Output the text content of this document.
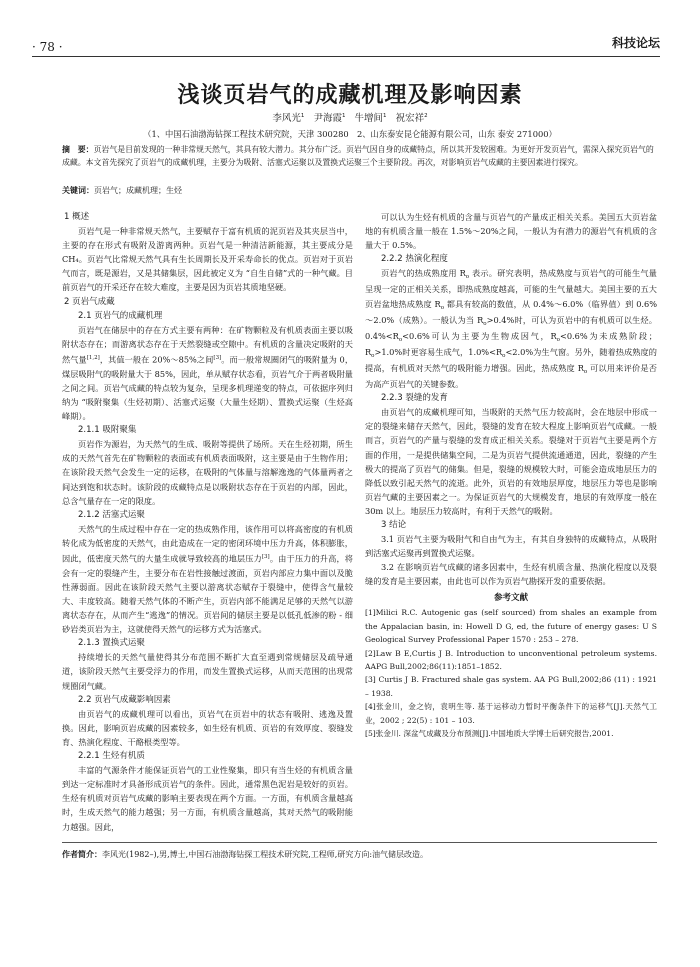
· 78 ·	科技论坛
浅谈页岩气的成藏机理及影响因素
李风光$^1$ 尹海霞$^1$ 牛增间$^1$ 祝宏祥$^2$
（1、中国石油渤海钻探工程技术研究院，天津 300280　2、山东泰安昆仑能源有限公司，山东 泰安 271000）
摘　要：页岩气是目前发现的一种非常规天然气，其具有较大潜力。其分布广泛。页岩气因自身的成藏特点，所以其开发较困难。为更好开发页岩气，需深入探究页岩气的成藏。本文首先探究了页岩气的成藏机理，主要分为吸附、活塞式运聚以及置换式运聚三个主要阶段。再次，对影响页岩气成藏的主要因素进行探究。
关键词：页岩气；成藏机理；生烃
1 概述

页岩气是一种非常规天然气，主要赋存于富有机质的泥页岩及其夹层当中，主要的存在形式有吸附及游离两种。页岩气是一种清洁新能源，其主要成分是 CH₄。页岩气比常规天然气具有生长周期长及开采寿命长的优点。页岩对于页岩气而言，既是源岩，又是其储集层，因此被定义为 “自生自储”式的一种气藏。目前页岩气的开采还存在较大难度，主要是因为页岩其质地坚硬。

2 页岩气成藏
2.1 页岩气的成藏机理

页岩气在储层中的存在方式主要有两种：在矿物颗粒及有机质表面主要以吸附状态存在；而游离状态存在于天然裂缝或空隙中。有机质的含量决定吸附的天然气量[1,2]，其值一般在 20%～85%之间[3]。而一般常规圈闭气的吸附量为 0，煤层吸附气的吸附量大于 85%，因此，单从赋存状态看，页岩气介于两者吸附量之间之间。页岩气成藏的特点较为复杂，呈现多机理递变的特点，可依据序列归纳为 “吸附聚集（生烃初期）、活塞式运聚（大量生烃期）、置换式运聚（生烃高峰期）。

2.1.1 吸附聚集

页岩作为源岩，为天然气的生成、吸附等提供了场所。天在生烃初期，所生成的天然气首先在矿物颗粒的表面或有机质表面吸附，这主要是由于生物作用；在该阶段天然气会发生一定的运移，在吸附的气体量与溶解逸逸的气体量两者之间达到饱和状态时。该阶段的成藏特点是以吸附状态存在于页岩的内部，因此，总含气量存在一定的限度。

2.1.2 活塞式运聚

天然气的生成过程中存在一定的热成熟作用，该作用可以将高密度的有机质转化成为低密度的天然气，由此造成在一定的密闭环境中压力升高，体积膨胀，因此，低密度天然气的大量生成就导致较高的地层压力[3]。由于压力的升高，将会有一定的裂缝产生，主要分布在岩性接触过渡面，页岩内部应力集中面以及脆性薄弱面。因此在该阶段天然气主要以游离状态赋存于裂缝中，使得含气量较大、丰度较高。随着天然气体的不断产生，页岩内部不能满足足够的天然气以游离状态存在，从而产生“逃逸”的情况。页岩间的储层主要是以低孔低渗的粉 - 细砂岩类页岩为主，这就使得天然气的运移方式为活塞式。

2.1.3 置换式运聚

持续增长的天然气量使得其分布范围不断扩大直至遇到常规储层及疏导通道，该阶段天然气主要受浮力的作用，而发生置换式运移，从而天范围的出现常规圈闭气藏。

2.2 页岩气成藏影响因素

由页岩气的成藏机理可以看出，页岩气在页岩中的状态有吸附、逃逸及置换。因此，影响页岩成藏的因素较多，如生烃有机质、页岩的有效厚度、裂缝发育、热演化程度、干酪根类型等。

2.2.1 生烃有机质

丰富的气源条件才能保证页岩气的工业性聚集，即只有当生烃的有机质含量到达一定标准时才具备形成页岩气的条件。因此，通常黑色泥岩是较好的页岩。生烃有机质对页岩气成藏的影响主要表现在两个方面。一方面，有机质含量越高时，生成天然气的能力越强；另一方面，有机质含量越高，其对天然气的吸附能力越强。因此，

可以认为生烃有机质的含量与页岩气的产量成正相关关系。美国五大页岩盆地的有机质含量一般在 1.5%～20%之间，一般认为有潜力的源岩气有机质的含量大于 0.5%。

2.2.2 热演化程度

页岩气的热成熟度用 $R_o$ 表示。研究表明，热成熟度与页岩气的可能生气量呈现一定的正相关关系，即热成熟度越高，可能的生气量越大。美国主要的五大页岩盆地热成熟度 $R_o$ 都具有较高的数值，从 0.4%～6.0%（临界值）到 0.6%～2.0%（成熟）。一般认为当 $R_o>0.4\%$时，可认为页岩中的有机质可以生烃。$0.4\%<R_o<0.6\%$可认为主要为生物成因气，$R_o<0.6\%$为未成熟阶段；$R_o>1.0\%$时更容易生成气，$1.0\%<R_o<2.0\%$为生气窗。另外，随着热成熟度的提高，有机质对天然气的吸附能力增强。因此，热成熟度 $R_o$ 可以用来评价是否为高产页岩气的关键参数。

2.2.3 裂缝的发育

由页岩气的成藏机理可知，当吸附的天然气压力较高时，会在地层中形成一定的裂缝来储存天然气，因此，裂缝的发育在较大程度上影响页岩气成藏。一般而言，页岩气的产量与裂缝的发育成正相关关系。裂缝对于页岩气主要是两个方面的作用，一是提供储集空间，二是为页岩气提供流通通道，因此，裂缝的产生极大的提高了页岩气的储集。但是，裂缝的规模较大时，可能会造成地层压力的降低以致引起天然气的流逝。此外，页岩的有效地层厚度，地层压力等也是影响页岩气藏的主要因素之一。为保证页岩气的大规模发育，地层的有效厚度一般在 30m 以上。地层压力较高时，有利于天然气的吸附。

3 结论

3.1 页岩气主要为吸附气和自由气为主，有其自身独特的成藏特点，从吸附到活塞式运聚再到置换式运聚。

3.2 在影响页岩气成藏的诸多因素中，生烃有机质含量、热演化程度以及裂缝的发育是主要因素，由此也可以作为页岩气勘探开发的重要依据。

参考文献

[1]Milici R.C. Autogenic gas (self sourced) from shales an example from the Appalacian basin, in: Howell D G, ed, the future of energy gases: U S Geological Survey Professional Paper 1570 : 253 – 278.

[2]Law B E,Curtis J B. Introduction to unconventional petroleum systems. AAPG Bull,2002;86(11):1851–1852.

[3] Curtis J B. Fractured shale gas system. AA PG Bull,2002;86 (11) : 1921 – 1938.

[4]张金川，金之钧，袁明生等. 基于运移动力暂时平衡条件下的运移气[J].天然气工业，2002 ; 22(5) : 101 – 103.

[5]张金川. 深盆气成藏及分布预测[J].中国地质大学博士后研究报告,2001.

作者简介：李风光(1982–),男,博士,中国石油渤海钻探工程技术研究院,工程师,研究方向:油气储层改造。
